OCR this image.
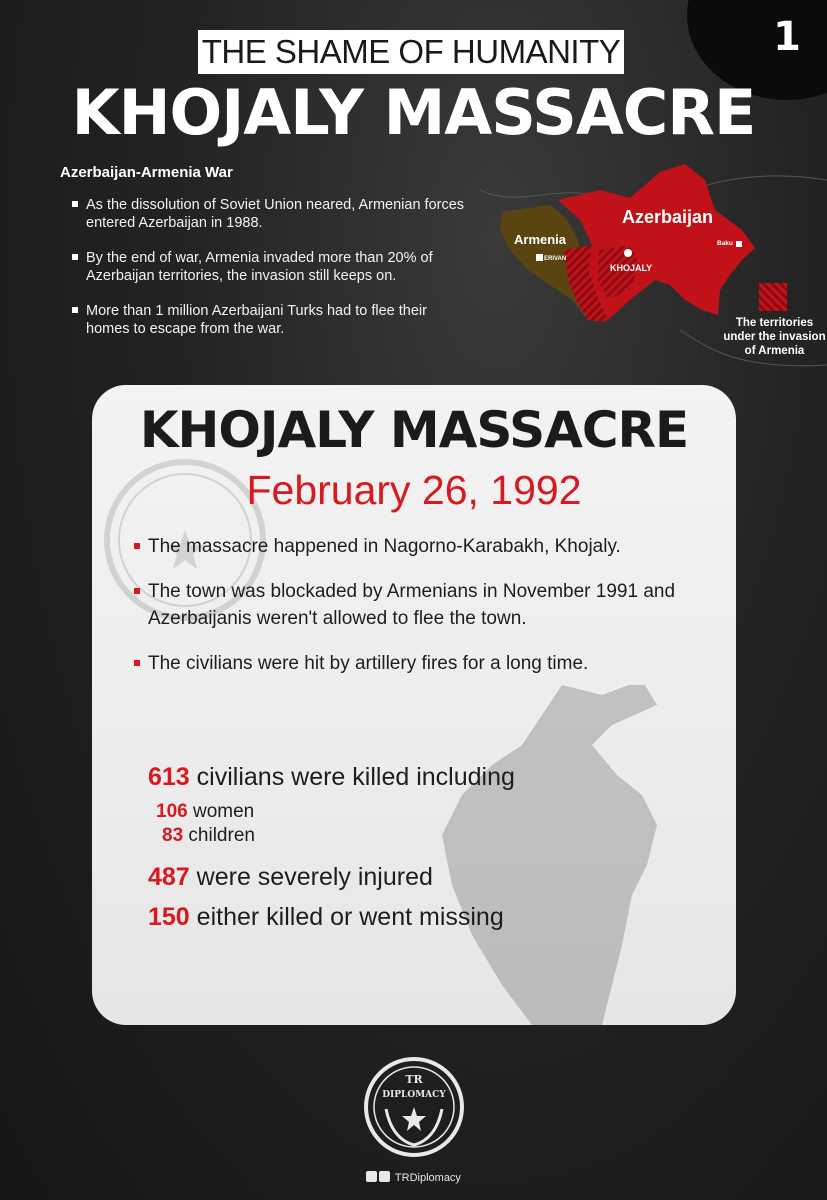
1
THE SHAME OF HUMANITY
KHOJALY MASSACRE
Azerbaijan-Armenia War
As the dissolution of Soviet Union neared, Armenian forces entered Azerbaijan in 1988.
By the end of war, Armenia invaded more than 20% of Azerbaijan territories, the invasion still keeps on.
More than 1 million Azerbaijani Turks had to flee their homes to escape from the war.
Azerbaijan
Armenia
ERIVAN
KHOJALY
Baku
The territories under the invasion of Armenia
KHOJALY MASSACRE
February 26, 1992
The massacre happened in Nagorno-Karabakh, Khojaly.
The town was blockaded by Armenians in November 1991 and Azerbaijanis weren't allowed to flee the town.
The civilians were hit by artillery fires for a long time.
613 civilians were killed including
106 women
83 children
487 were severely injured
150 either killed or went missing
TR
DIPLOMACY
TRDiplomacy
